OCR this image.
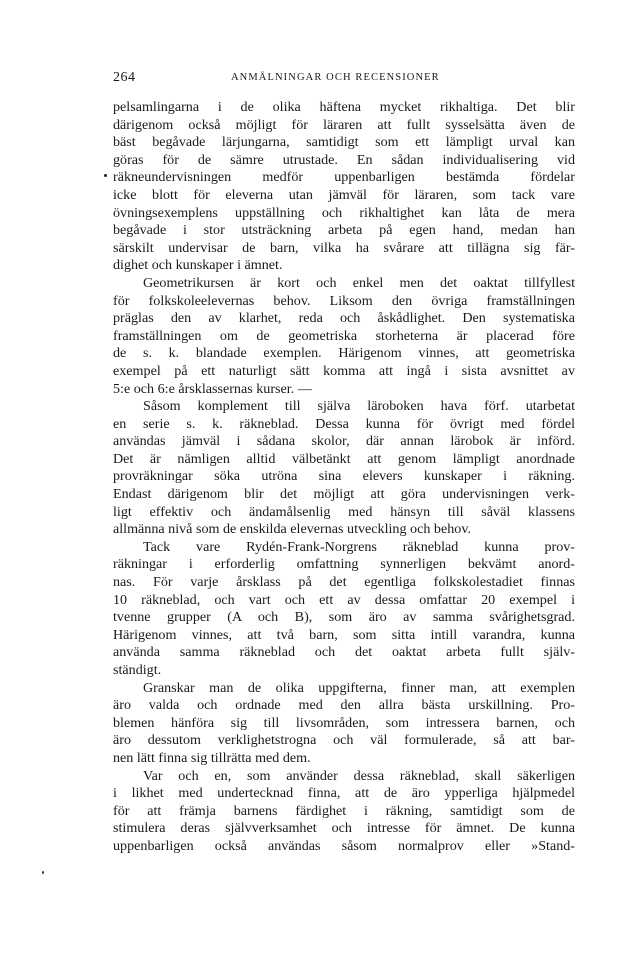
264	ANMÄLNINGAR OCH RECENSIONER
pelsamlingarna i de olika häftena mycket rikhaltiga. Det blir
därigenom också möjligt för läraren att fullt sysselsätta även de
bäst begåvade lärjungarna, samtidigt som ett lämpligt urval kan
göras för de sämre utrustade. En sådan individualisering vid
räkneundervisningen medför uppenbarligen bestämda fördelar
icke blott för eleverna utan jämväl för läraren, som tack vare
övningsexemplens uppställning och rikhaltighet kan låta de mera
begåvade i stor utsträckning arbeta på egen hand, medan han
särskilt undervisar de barn, vilka ha svårare att tillägna sig fär-
dighet och kunskaper i ämnet.
Geometrikursen är kort och enkel men det oaktat tillfyllest
för folkskoleelevernas behov. Liksom den övriga framställningen
präglas den av klarhet, reda och åskådlighet. Den systematiska
framställningen om de geometriska storheterna är placerad före
de s. k. blandade exemplen. Härigenom vinnes, att geometriska
exempel på ett naturligt sätt komma att ingå i sista avsnittet av
5:e och 6:e årsklassernas kurser. —
Såsom komplement till själva läroboken hava förf. utarbetat
en serie s. k. räkneblad. Dessa kunna för övrigt med fördel
användas jämväl i sådana skolor, där annan lärobok är införd.
Det är nämligen alltid välbetänkt att genom lämpligt anordnade
provräkningar söka utröna sina elevers kunskaper i räkning.
Endast därigenom blir det möjligt att göra undervisningen verk-
ligt effektiv och ändamålsenlig med hänsyn till såväl klassens
allmänna nivå som de enskilda elevernas utveckling och behov.
Tack vare Rydén-Frank-Norgrens räkneblad kunna prov-
räkningar i erforderlig omfattning synnerligen bekvämt anord-
nas. För varje årsklass på det egentliga folkskolestadiet finnas
10 räkneblad, och vart och ett av dessa omfattar 20 exempel i
tvenne grupper (A och B), som äro av samma svårighetsgrad.
Härigenom vinnes, att två barn, som sitta intill varandra, kunna
använda samma räkneblad och det oaktat arbeta fullt själv-
ständigt.
Granskar man de olika uppgifterna, finner man, att exemplen
äro valda och ordnade med den allra bästa urskillning. Pro-
blemen hänföra sig till livsområden, som intressera barnen, och
äro dessutom verklighetstrogna och väl formulerade, så att bar-
nen lätt finna sig tillrätta med dem.
Var och en, som använder dessa räkneblad, skall säkerligen
i likhet med undertecknad finna, att de äro ypperliga hjälpmedel
för att främja barnens färdighet i räkning, samtidigt som de
stimulera deras självverksamhet och intresse för ämnet. De kunna
uppenbarligen också användas såsom normalprov eller »Stand-
